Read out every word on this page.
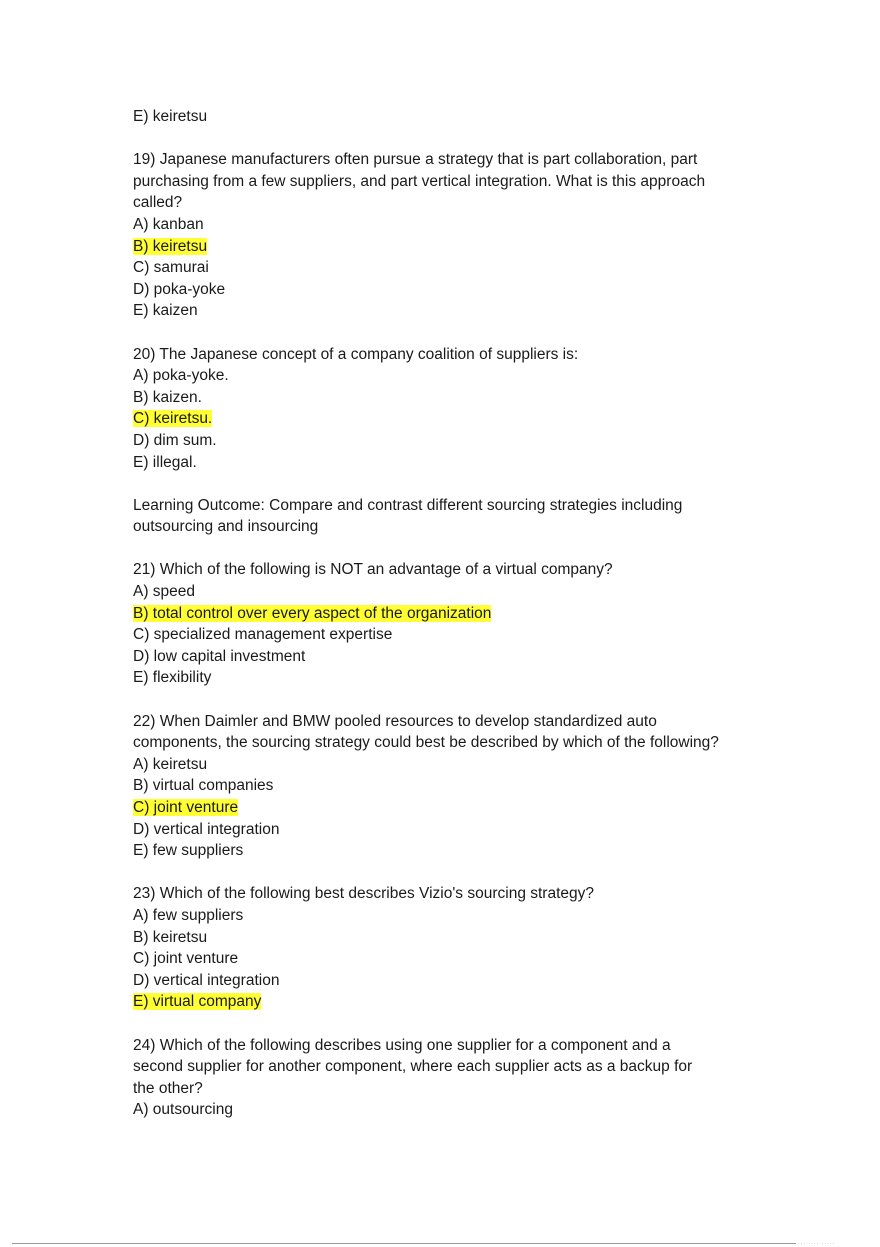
E) keiretsu
19) Japanese manufacturers often pursue a strategy that is part collaboration, part
purchasing from a few suppliers, and part vertical integration. What is this approach
called?
A) kanban
B) keiretsu
C) samurai
D) poka-yoke
E) kaizen
20) The Japanese concept of a company coalition of suppliers is:
A) poka-yoke.
B) kaizen.
C) keiretsu.
D) dim sum.
E) illegal.
Learning Outcome: Compare and contrast different sourcing strategies including
outsourcing and insourcing
21) Which of the following is NOT an advantage of a virtual company?
A) speed
B) total control over every aspect of the organization
C) specialized management expertise
D) low capital investment
E) flexibility
22) When Daimler and BMW pooled resources to develop standardized auto
components, the sourcing strategy could best be described by which of the following?
A) keiretsu
B) virtual companies
C) joint venture
D) vertical integration
E) few suppliers
23) Which of the following best describes Vizio's sourcing strategy?
A) few suppliers
B) keiretsu
C) joint venture
D) vertical integration
E) virtual company
24) Which of the following describes using one supplier for a component and a
second supplier for another component, where each supplier acts as a backup for
the other?
A) outsourcing
... .... .....
